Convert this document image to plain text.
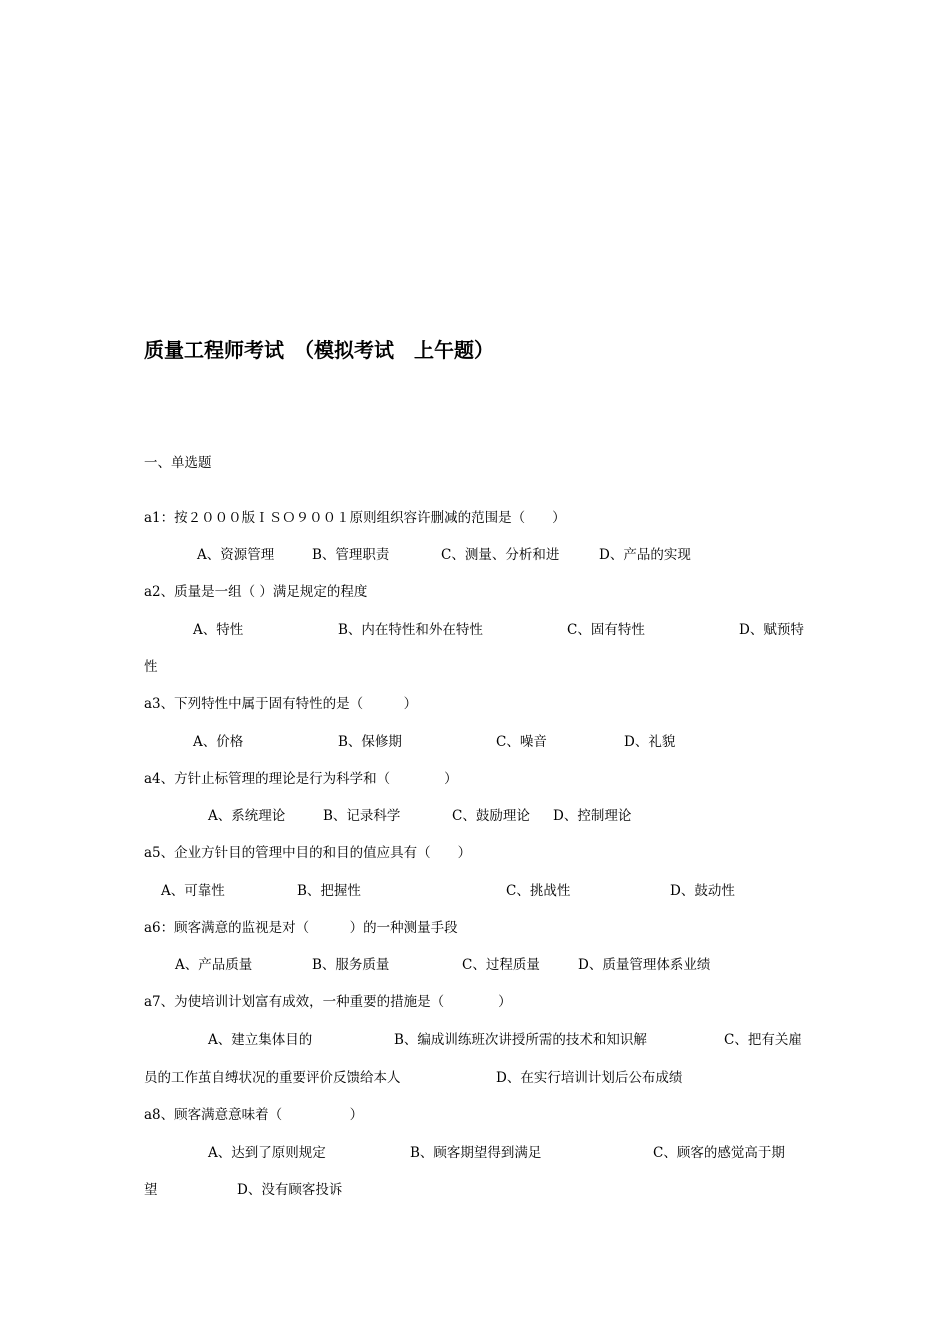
质量工程师考试　（模拟考试　上午题）
一、单选题
a1：按２０００版ＩＳＯ９００１原则组织容许删减的范围是（　　）
A、资源管理	B、管理职责	C、测量、分析和进	D、产品的实现
a2、质量是一组（ ）满足规定的程度
A、特性	B、内在特性和外在特性	C、固有特性	D、赋预特
性
a3、下列特性中属于固有特性的是（　　　）
A、价格	B、保修期	C、噪音	D、礼貌
a4、方针止标管理的理论是行为科学和（　　　　）
A、系统理论	B、记录科学	C、鼓励理论 D、控制理论
a5、企业方针目的管理中目的和目的值应具有（　　）
A、可靠性	B、把握性	C、挑战性	D、鼓动性
a6：顾客满意的监视是对（　　　）的一种测量手段
A、产品质量	B、服务质量	C、过程质量	D、质量管理体系业绩
a7、为使培训计划富有成效，一种重要的措施是（　　　　）
A、建立集体目的	B、编成训练班次讲授所需的技术和知识解	C、把有关雇
员的工作茧自缚状况的重要评价反馈给本人	D、在实行培训计划后公布成绩
a8、顾客满意意味着（　　　　　）
A、达到了原则规定	B、顾客期望得到满足	C、顾客的感觉高于期
望	D、没有顾客投诉
